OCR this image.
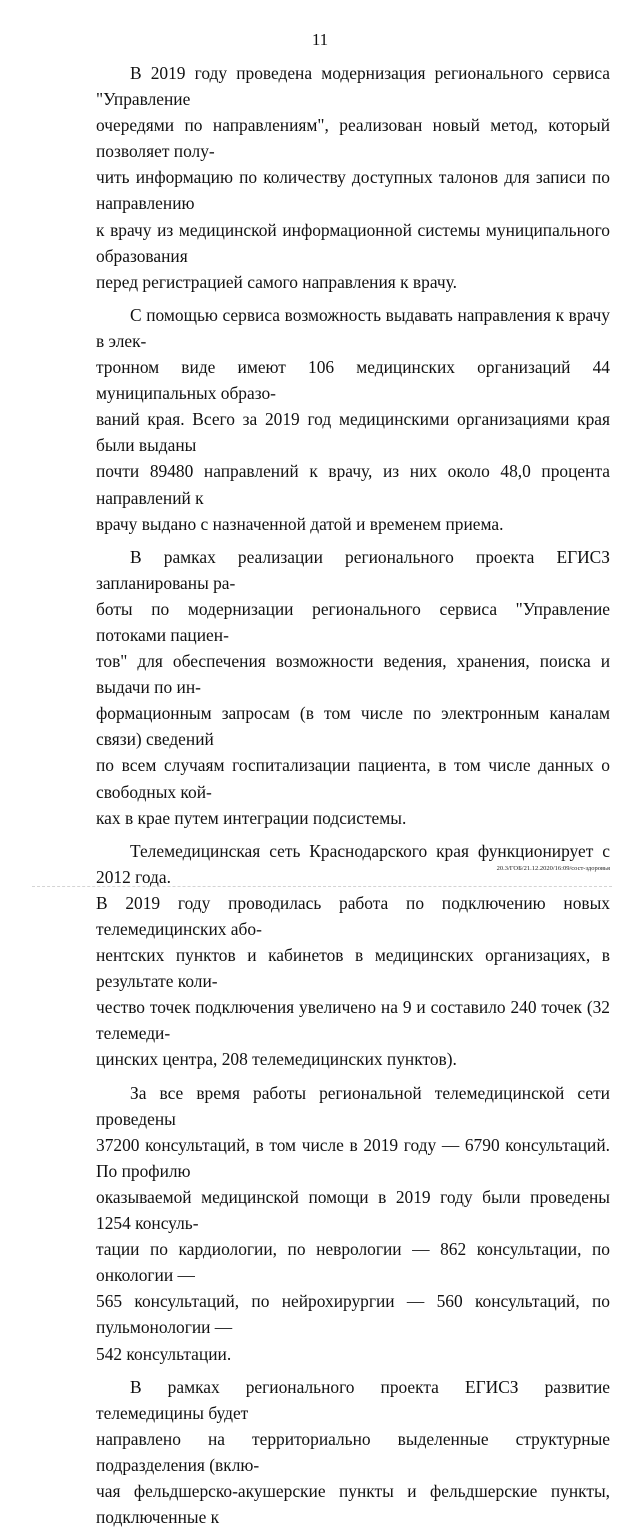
11

В 2019 году проведена модернизация регионального сервиса "Управление
очередями по направлениям", реализован новый метод, который позволяет полу-
чить информацию по количеству доступных талонов для записи по направлению
к врачу из медицинской информационной системы муниципального образования
перед регистрацией самого направления к врачу.

С помощью сервиса возможность выдавать направления к врачу в элек-
тронном виде имеют 106 медицинских организаций 44 муниципальных образо-
ваний края. Всего за 2019 год медицинскими организациями края были выданы
почти 89480 направлений к врачу, из них около 48,0 процента направлений к
врачу выдано с назначенной датой и временем приема.

В рамках реализации регионального проекта ЕГИСЗ запланированы ра-
боты по модернизации регионального сервиса "Управление потоками пациен-
тов" для обеспечения возможности ведения, хранения, поиска и выдачи по ин-
формационным запросам (в том числе по электронным каналам связи) сведений
по всем случаям госпитализации пациента, в том числе данных о свободных кой-
ках в крае путем интеграции подсистемы.

Телемедицинская сеть Краснодарского края функционирует с 2012 года.
В 2019 году проводилась работа по подключению новых телемедицинских або-
нентских пунктов и кабинетов в медицинских организациях, в результате коли-
чество точек подключения увеличено на 9 и составило 240 точек (32 телемеди-
цинских центра, 208 телемедицинских пунктов).

За все время работы региональной телемедицинской сети проведены
37200 консультаций, в том числе в 2019 году — 6790 консультаций. По профилю
оказываемой медицинской помощи в 2019 году были проведены 1254 консуль-
тации по кардиологии, по неврологии — 862 консультации, по онкологии —
565 консультаций, по нейрохирургии — 560 консультаций, по пульмонологии —
542 консультации.

В рамках регионального проекта ЕГИСЗ развитие телемедицины будет
направлено на территориально выделенные структурные подразделения (вклю-
чая фельдшерско-акушерские пункты и фельдшерские пункты, подключенные к

20.3/ГОБ/21.12.2020/16:09/сост-здоровья
